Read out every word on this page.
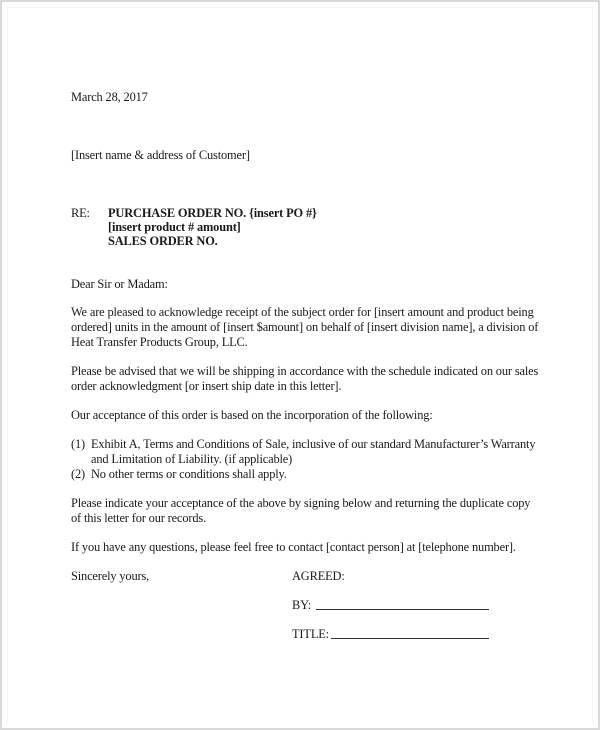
March 28, 2017
[Insert name & address of Customer]
RE: PURCHASE ORDER NO. {insert PO #}
[insert product # amount]
SALES ORDER NO.
Dear Sir or Madam:
We are pleased to acknowledge receipt of the subject order for [insert amount and product being
ordered] units in the amount of [insert $amount] on behalf of [insert division name], a division of
Heat Transfer Products Group, LLC.
Please be advised that we will be shipping in accordance with the schedule indicated on our sales
order acknowledgment [or insert ship date in this letter].
Our acceptance of this order is based on the incorporation of the following:
(1) Exhibit A, Terms and Conditions of Sale, inclusive of our standard Manufacturer’s Warranty
and Limitation of Liability. (if applicable)
(2) No other terms or conditions shall apply.
Please indicate your acceptance of the above by signing below and returning the duplicate copy
of this letter for our records.
If you have any questions, please feel free to contact [contact person] at [telephone number].
Sincerely yours,	AGREED:
BY:
TITLE:
